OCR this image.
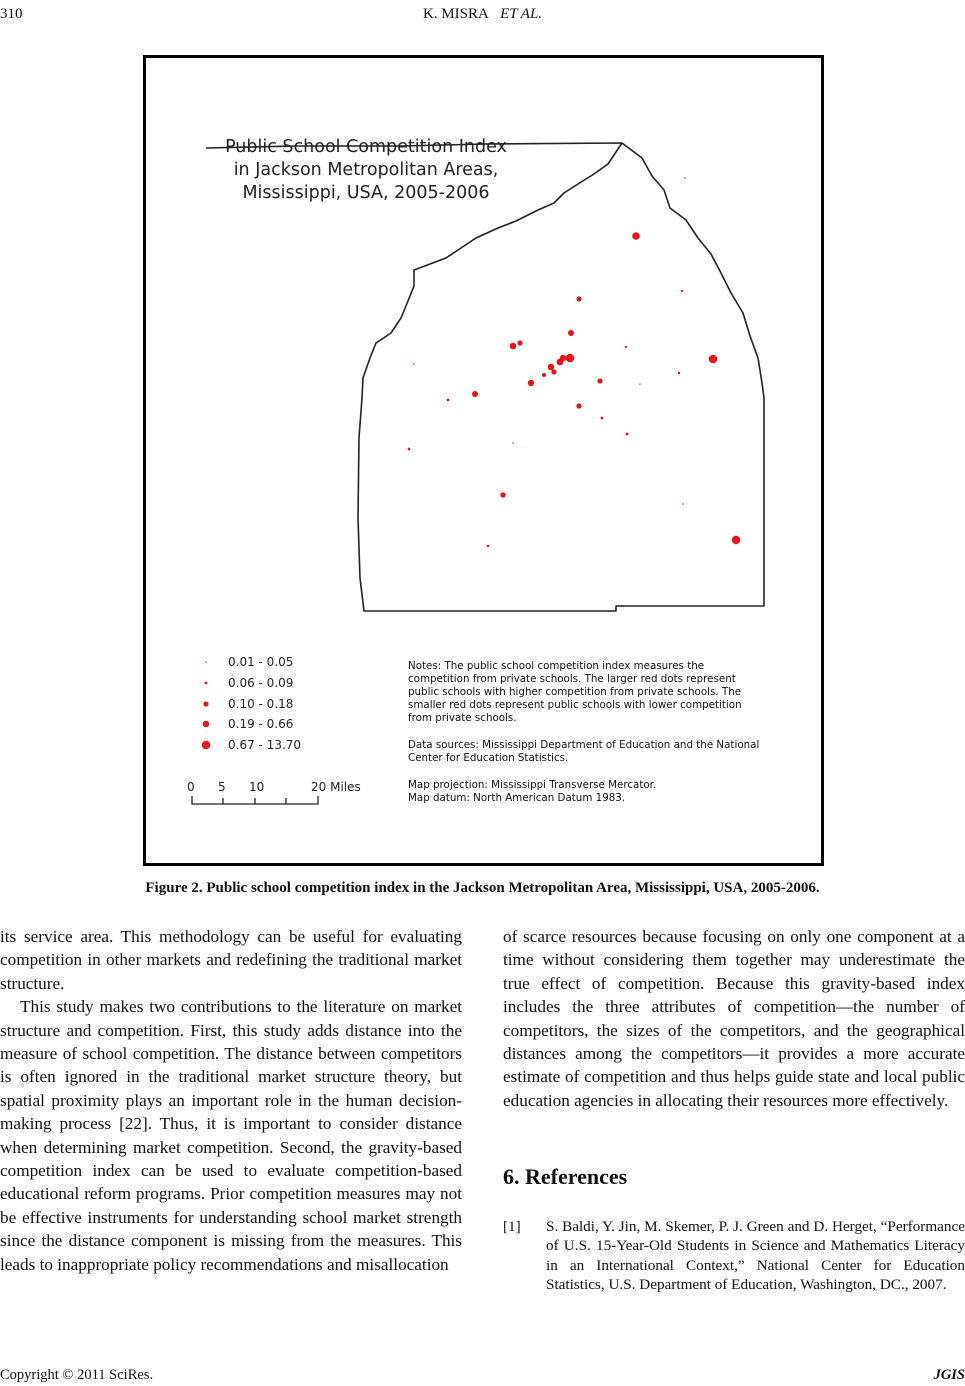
310	K. MISRA ET AL.
Public School Competition Index
in Jackson Metropolitan Areas,
Mississippi, USA, 2005-2006
0.01 - 0.05
0.06 - 0.09
0.10 - 0.18
0.19 - 0.66
0.67 - 13.70
0 5 10	20 Miles
Notes: The public school competition index measures the
competition from private schools. The larger red dots represent
public schools with higher competition from private schools. The
smaller red dots represent public schools with lower competition
from private schools.
Data sources: Mississippi Department of Education and the National
Center for Education Statistics.
Map projection: Mississippi Transverse Mercator.
Map datum: North American Datum 1983.
Figure 2. Public school competition index in the Jackson Metropolitan Area, Mississippi, USA, 2005-2006.

its service area. This methodology can be useful for evaluating competition in other markets and redefining the traditional market structure.

This study makes two contributions to the literature on market structure and competition. First, this study adds distance into the measure of school competition. The distance between competitors is often ignored in the traditional market structure theory, but spatial proximity plays an important role in the human decision-making process [22]. Thus, it is important to consider distance when determining market competition. Second, the gravity-based competition index can be used to evaluate competition-based educational reform programs. Prior competition measures may not be effective instruments for understanding school market strength since the distance component is missing from the measures. This leads to inappropriate policy recommendations and misallocation

of scarce resources because focusing on only one component at a time without considering them together may underestimate the true effect of competition. Because this gravity-based index includes the three attributes of competition—the number of competitors, the sizes of the competitors, and the geographical distances among the competitors—it provides a more accurate estimate of competition and thus helps guide state and local public education agencies in allocating their resources more effectively.

6. References
[1] S. Baldi, Y. Jin, M. Skemer, P. J. Green and D. Herget, “Performance of U.S. 15-Year-Old Students in Science and Mathematics Literacy in an International Context,” National Center for Education Statistics, U.S. Department of Education, Washington, DC., 2007.
Copyright © 2011 SciRes.	JGIS
